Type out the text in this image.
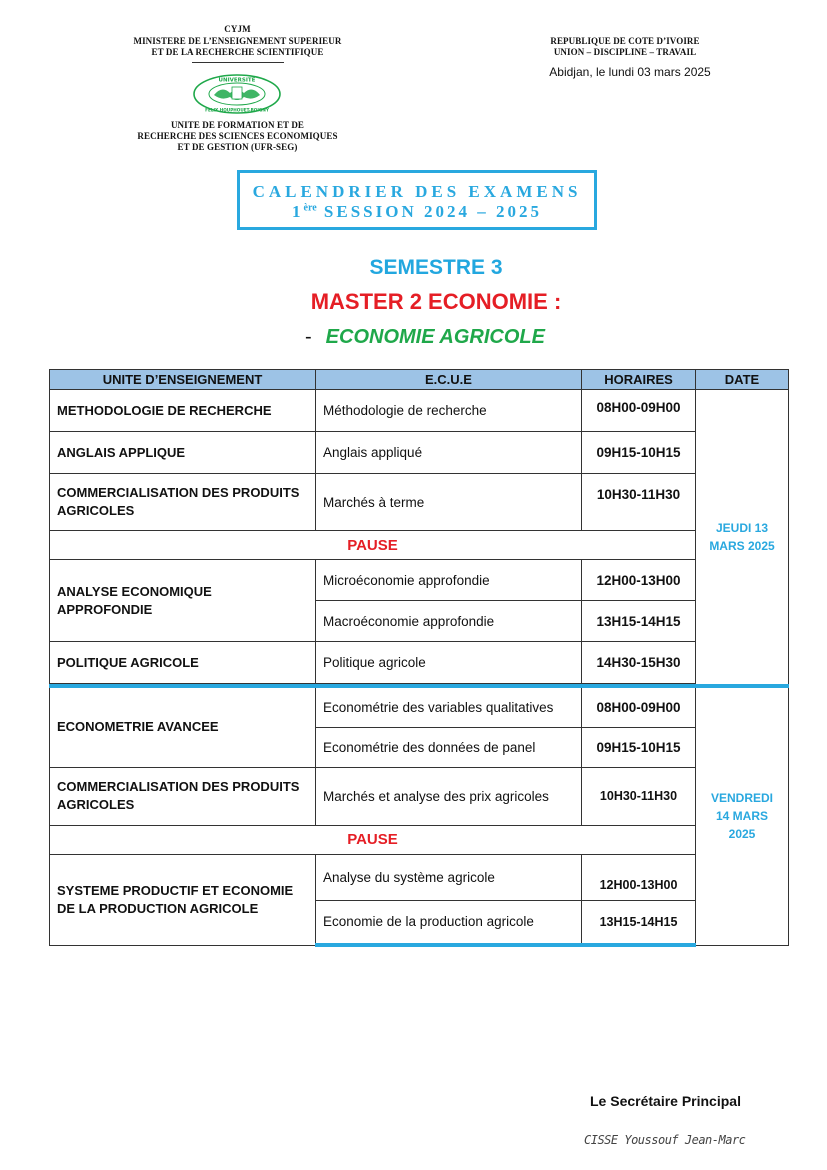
CYJM
MINISTERE DE L’ENSEIGNEMENT SUPERIEUR
ET DE LA RECHERCHE SCIENTIFIQUE
UNIVERSITE
FELIX HOUPHOUET-BOIGNY
UNITE DE FORMATION ET DE
RECHERCHE DES SCIENCES ECONOMIQUES
ET DE GESTION (UFR-SEG)
REPUBLIQUE DE COTE D’IVOIRE
UNION – DISCIPLINE – TRAVAIL
Abidjan, le lundi 03 mars 2025
CALENDRIER DES EXAMENS
1ère SESSION 2024 – 2025
SEMESTRE 3
MASTER 2 ECONOMIE :
- ECONOMIE AGRICOLE
UNITE D’ENSEIGNEMENT	E.C.U.E	HORAIRES	DATE
METHODOLOGIE DE RECHERCHE	Méthodologie de recherche	08H00-09H00	JEUDI 13 MARS 2025
ANGLAIS APPLIQUE	Anglais appliqué	09H15-10H15	
COMMERCIALISATION DES PRODUITS AGRICOLES	Marchés à terme	10H30-11H30	
PAUSE			
ANALYSE ECONOMIQUE APPROFONDIE	Microéconomie approfondie	12H00-13H00	
	Macroéconomie approfondie	13H15-14H15	
POLITIQUE AGRICOLE	Politique agricole	14H30-15H30	

ECONOMETRIE AVANCEE	Econométrie des variables qualitatives	08H00-09H00	VENDREDI 14 MARS 2025
	Econométrie des données de panel	09H15-10H15	
COMMERCIALISATION DES PRODUITS AGRICOLES	Marchés et analyse des prix agricoles	10H30-11H30	
PAUSE			
SYSTEME PRODUCTIF ET ECONOMIE DE LA PRODUCTION AGRICOLE	Analyse du système agricole	12H00-13H00	
	Economie de la production agricole	13H15-14H15	
Le Secrétaire Principal
CISSE Youssouf Jean-Marc
